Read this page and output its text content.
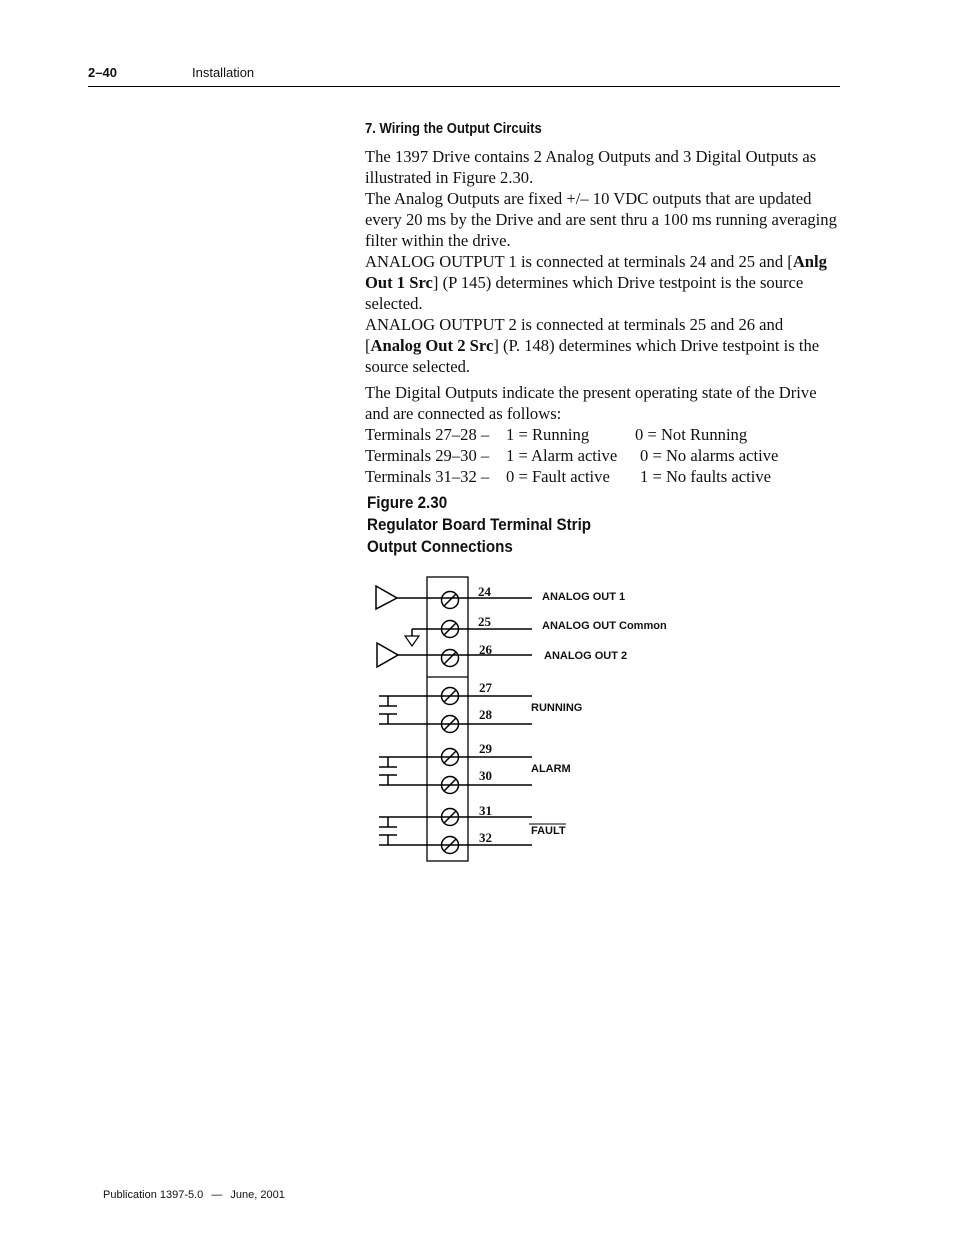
2–40	Installation
7. Wiring the Output Circuits
The 1397 Drive contains 2 Analog Outputs and 3 Digital Outputs as illustrated in Figure 2.30.
The Analog Outputs are fixed +/– 10 VDC outputs that are updated every 20 ms by the Drive and are sent thru a 100 ms running averaging filter within the drive.
ANALOG OUTPUT 1 is connected at terminals 24 and 25 and [Anlg Out 1 Src] (P 145) determines which Drive testpoint is the source selected.
ANALOG OUTPUT 2 is connected at terminals 25 and 26 and [Analog Out 2 Src] (P. 148) determines which Drive testpoint is the source selected.
The Digital Outputs indicate the present operating state of the Drive and are connected as follows:
Terminals 27–28 – 1 = Running	0 = Not Running
Terminals 29–30 – 1 = Alarm active 0 = No alarms active
Terminals 31–32 – 0 = Fault active 1 = No faults active
Figure 2.30
Regulator Board Terminal Strip
Output Connections
24
25
26
27
28
29
30
31
32
ANALOG OUT 1
ANALOG OUT Common
ANALOG OUT 2
RUNNING
ALARM
FAULT
Publication 1397-5.0 — June, 2001
